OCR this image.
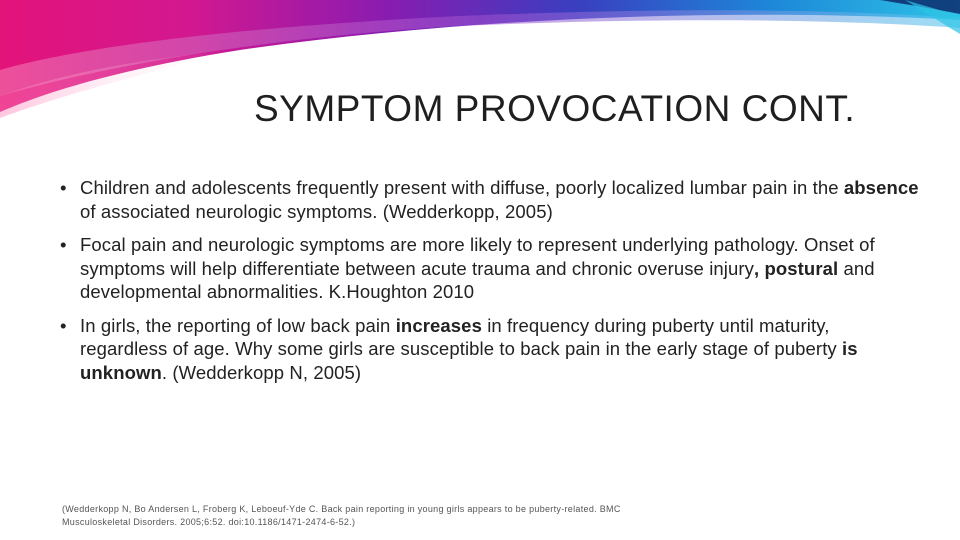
SYMPTOM PROVOCATION CONT.
• Children and adolescents frequently present with diffuse, poorly localized lumbar pain in the absence of associated neurologic symptoms. (Wedderkopp, 2005)
• Focal pain and neurologic symptoms are more likely to represent underlying pathology. Onset of symptoms will help differentiate between acute trauma and chronic overuse injury, postural and developmental abnormalities. K.Houghton 2010
• In girls, the reporting of low back pain increases in frequency during puberty until maturity, regardless of age. Why some girls are susceptible to back pain in the early stage of puberty is unknown. (Wedderkopp N, 2005)

(Wedderkopp N, Bo Andersen L, Froberg K, Leboeuf-Yde C. Back pain reporting in young girls appears to be puberty-related. BMC Musculoskeletal Disorders. 2005;6:52. doi:10.1186/1471-2474-6-52.)
